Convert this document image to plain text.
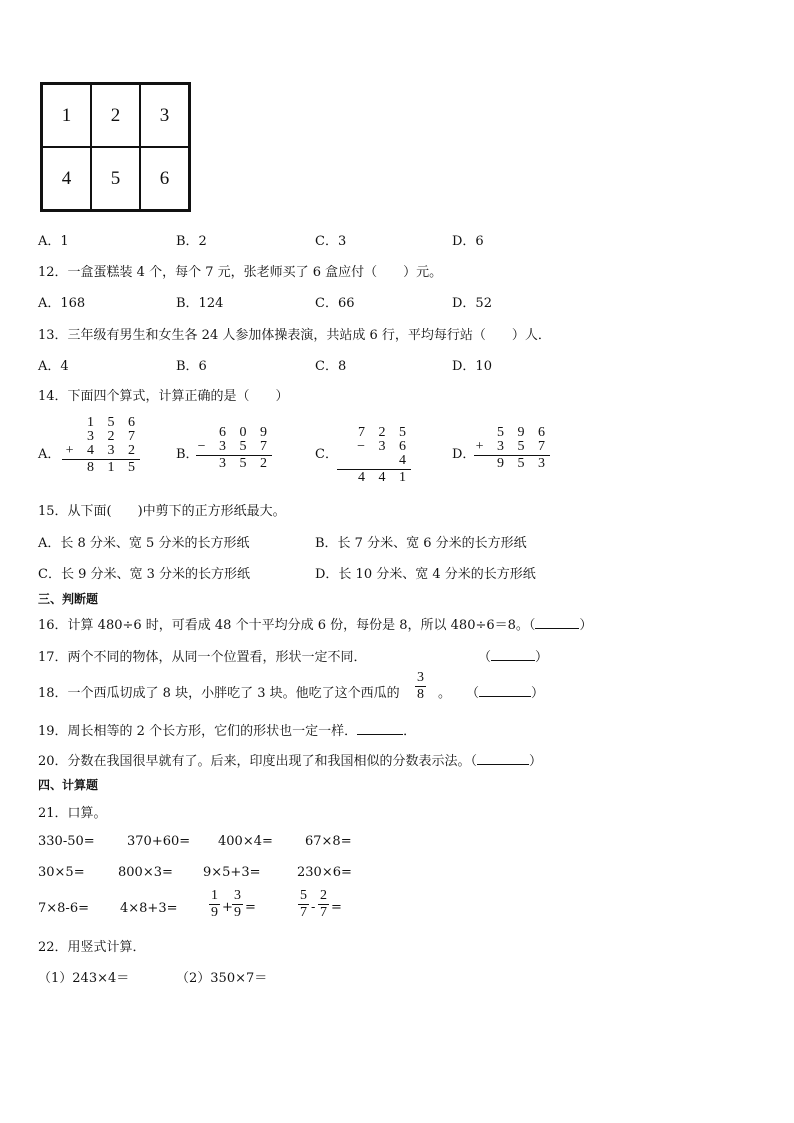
1	2	3
4	5	6
A．1	B．2	C．3	D．6
12．一盒蛋糕装 4 个，每个 7 元，张老师买了 6 盒应付（　　）元。
A．168	B．124	C．66	D．52
13．三年级有男生和女生各 24 人参加体操表演，共站成 6 行，平均每行站（　　）人．
A．4	B．6	C．8	D．10
14．下面四个算式，计算正确的是（　　）
A．
1 5 6
3 2 7
+ 4 3 2
8 1 5
B．
6 0 9
− 3 5 7
3 5 2
C．
7 2 5
− 3 6 4
4 4 1
D．
5 9 6
+ 3 5 7
9 5 3
15．从下面(　　)中剪下的正方形纸最大。
A．长 8 分米、宽 5 分米的长方形纸	B．长 7 分米、宽 6 分米的长方形纸
C．长 9 分米、宽 3 分米的长方形纸	D．长 10 分米、宽 4 分米的长方形纸
三、判断题
16．计算 480÷6 时，可看成 48 个十平均分成 6 份，每份是 8，所以 480÷6＝8。（	）
17．两个不同的物体，从同一个位置看，形状一定不同．	（	）
18．一个西瓜切成了 8 块，小胖吃了 3 块。他吃了这个西瓜的 $\frac{3}{8}$ 。 （	）
19．周长相等的 2 个长方形，它们的形状也一定一样．	．
20．分数在我国很早就有了。后来，印度出现了和我国相似的分数表示法。（	）
四、计算题
21．口算。
330-50= 370+60= 400×4= 67×8=
30×5=	800×3= 9×5+3=	230×6=
$7\times 8-6= 4\times 8+3= \frac{1}{9} + \frac{3}{9}$ =	$\frac{5}{7} - \frac{2}{7}$ =
22．用竖式计算．
（1）243×4＝	（2）350×7＝
